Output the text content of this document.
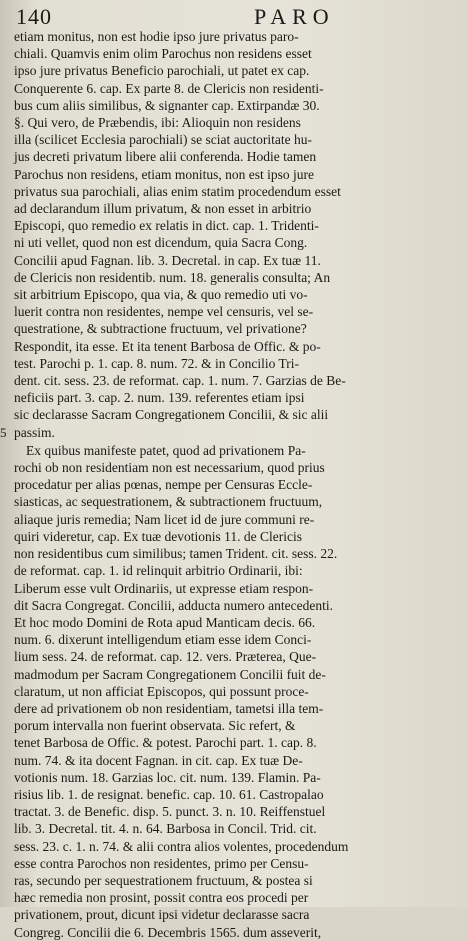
140	PARO
etiam monitus, non est hodie ipso jure privatus paro-
chiali. Quamvis enim olim Parochus non residens esset
ipso jure privatus Beneficio parochiali, ut patet ex cap.
Conquerente 6. cap. Ex parte 8. de Clericis non residenti-
bus cum aliis similibus, & signanter cap. Extirpandæ 30.
§. Qui vero, de Præbendis, ibi: Alioquin non residens
illa (scilicet Ecclesia parochiali) se sciat auctoritate hu-
jus decreti privatum libere alii conferenda. Hodie tamen
Parochus non residens, etiam monitus, non est ipso jure
privatus sua parochiali, alias enim statim procedendum esset
ad declarandum illum privatum, & non esset in arbitrio
Episcopi, quo remedio ex relatis in dict. cap. 1. Tridenti-
ni uti vellet, quod non est dicendum, quia Sacra Cong.
Concilii apud Fagnan. lib. 3. Decretal. in cap. Ex tuæ 11.
de Clericis non residentib. num. 18. generalis consulta; An
sit arbitrium Episcopo, qua via, & quo remedio uti vo-
luerit contra non residentes, nempe vel censuris, vel se-
questratione, & subtractione fructuum, vel privatione?
Respondit, ita esse. Et ita tenent Barbosa de Offic. & po-
test. Parochi p. 1. cap. 8. num. 72. & in Concilio Tri-
dent. cit. sess. 23. de reformat. cap. 1. num. 7. Garzias de Be-
neficiis part. 3. cap. 2. num. 139. referentes etiam ipsi
sic declarasse Sacram Congregationem Concilii, & sic alii
passim.
5
Ex quibus manifeste patet, quod ad privationem Pa-
rochi ob non residentiam non est necessarium, quod prius
procedatur per alias pœnas, nempe per Censuras Eccle-
siasticas, ac sequestrationem, & subtractionem fructuum,
aliaque juris remedia; Nam licet id de jure communi re-
quiri videretur, cap. Ex tuæ devotionis 11. de Clericis
non residentibus cum similibus; tamen Trident. cit. sess. 22.
de reformat. cap. 1. id relinquit arbitrio Ordinarii, ibi:
Liberum esse vult Ordinariis, ut expresse etiam respon-
dit Sacra Congregat. Concilii, adducta numero antecedenti.
Et hoc modo Domini de Rota apud Manticam decis. 66.
num. 6. dixerunt intelligendum etiam esse idem Conci-
lium sess. 24. de reformat. cap. 12. vers. Præterea, Que-
madmodum per Sacram Congregationem Concilii fuit de-
claratum, ut non afficiat Episcopos, qui possunt proce-
dere ad privationem ob non residentiam, tametsi illa tem-
porum intervalla non fuerint observata. Sic refert, &
tenet Barbosa de Offic. & potest. Parochi part. 1. cap. 8.
num. 74. & ita docent Fagnan. in cit. cap. Ex tuæ De-
votionis num. 18. Garzias loc. cit. num. 139. Flamin. Pa-
risius lib. 1. de resignat. benefic. cap. 10. 61. Castropalao
tractat. 3. de Benefic. disp. 5. punct. 3. n. 10. Reiffenstuel
lib. 3. Decretal. tit. 4. n. 64. Barbosa in Concil. Trid. cit.
sess. 23. c. 1. n. 74. & alii contra alios volentes, procedendum
esse contra Parochos non residentes, primo per Censu-
ras, secundo per sequestrationem fructuum, & postea si
hæc remedia non prosint, possit contra eos procedi per
privationem, prout, dicunt ipsi videtur declarasse sacra
Congreg. Concilii die 6. Decembris 1565. dum asseverit,
